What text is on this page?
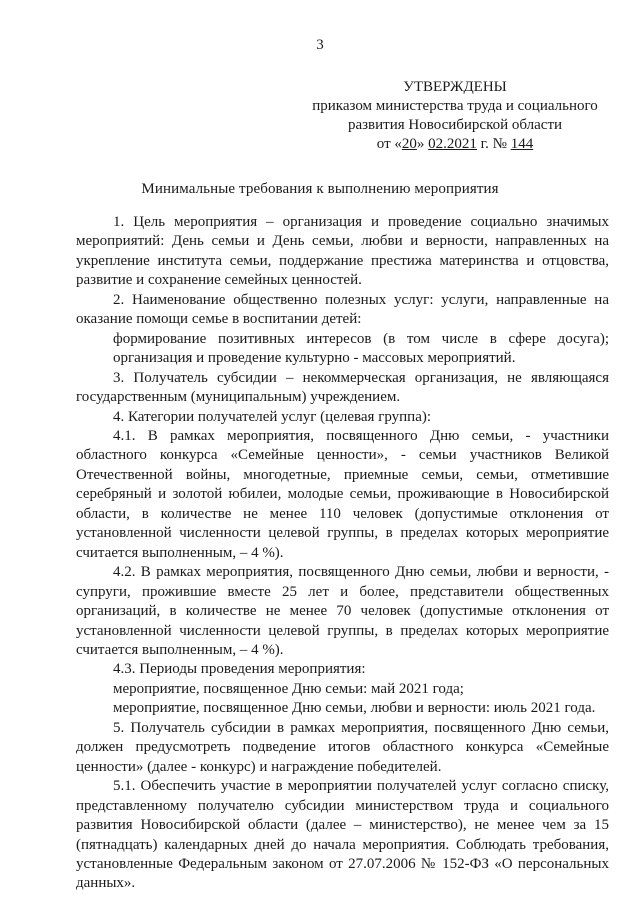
3
УТВЕРЖДЕНЫ
приказом министерства труда и социального
развития Новосибирской области
от «20» 02.2021 г. № 144
Минимальные требования к выполнению мероприятия

1. Цель мероприятия – организация и проведение социально значимых мероприятий: День семьи и День семьи, любви и верности, направленных на укрепление института семьи, поддержание престижа материнства и отцовства, развитие и сохранение семейных ценностей.

2. Наименование общественно полезных услуг: услуги, направленные на оказание помощи семье в воспитании детей:

формирование позитивных интересов (в том числе в сфере досуга); организация и проведение культурно - массовых мероприятий.

3. Получатель субсидии – некоммерческая организация, не являющаяся государственным (муниципальным) учреждением.

4. Категории получателей услуг (целевая группа):

4.1. В рамках мероприятия, посвященного Дню семьи, - участники областного конкурса «Семейные ценности», - семьи участников Великой Отечественной войны, многодетные, приемные семьи, семьи, отметившие серебряный и золотой юбилеи, молодые семьи, проживающие в Новосибирской области, в количестве не менее 110 человек (допустимые отклонения от установленной численности целевой группы, в пределах которых мероприятие считается выполненным, – 4 %).

4.2. В рамках мероприятия, посвященного Дню семьи, любви и верности, - супруги, прожившие вместе 25 лет и более, представители общественных организаций, в количестве не менее 70 человек (допустимые отклонения от установленной численности целевой группы, в пределах которых мероприятие считается выполненным, – 4 %).

4.3. Периоды проведения мероприятия:

мероприятие, посвященное Дню семьи: май 2021 года;

мероприятие, посвященное Дню семьи, любви и верности: июль 2021 года.

5. Получатель субсидии в рамках мероприятия, посвященного Дню семьи, должен предусмотреть подведение итогов областного конкурса «Семейные ценности» (далее - конкурс) и награждение победителей.

5.1. Обеспечить участие в мероприятии получателей услуг согласно списку, представленному получателю субсидии министерством труда и социального развития Новосибирской области (далее – министерство), не менее чем за 15 (пятнадцать) календарных дней до начала мероприятия. Соблюдать требования, установленные Федеральным законом от 27.07.2006 № 152-ФЗ «О персональных данных».
